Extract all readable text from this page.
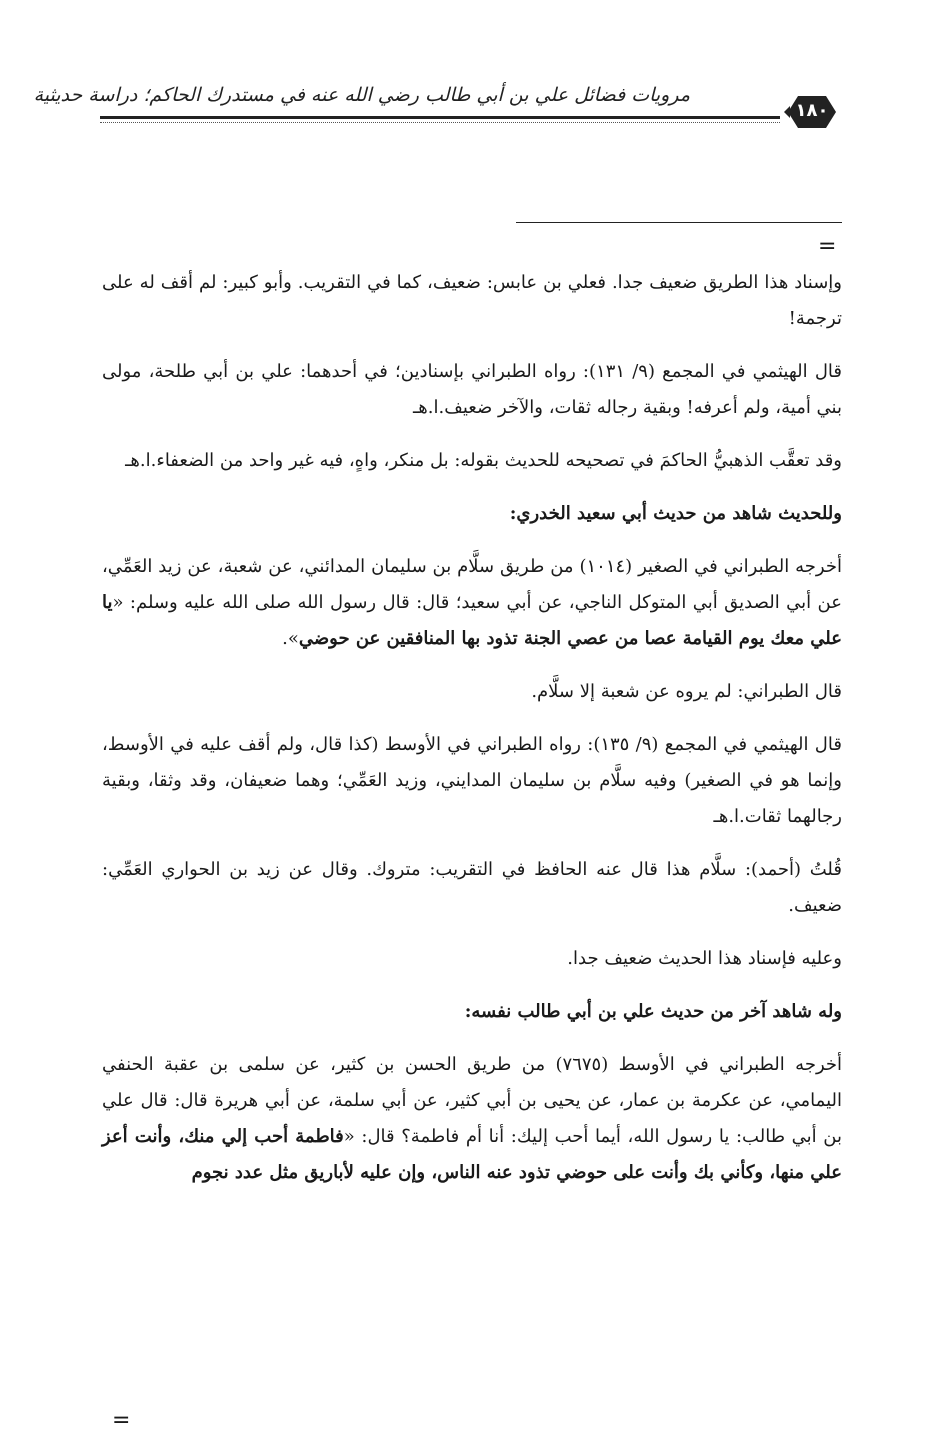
مرويات فضائل علي بن أبي طالب رضي الله عنه في مستدرك الحاكم؛ دراسة حديثية
١٨٠
=

وإسناد هذا الطريق ضعيف جدا. فعلي بن عابس: ضعيف، كما في التقريب. وأبو كبير: لم أقف له على ترجمة!

قال الهيثمي في المجمع (٩/ ١٣١): رواه الطبراني بإسنادين؛ في أحدهما: علي بن أبي طلحة، مولى بني أمية، ولم أعرفه! وبقية رجاله ثقات، والآخر ضعيف.ا.هـ

وقد تعقَّب الذهبيُّ الحاكمَ في تصحيحه للحديث بقوله: بل منكر، واهٍ، فيه غير واحد من الضعفاء.ا.هـ

وللحديث شاهد من حديث أبي سعيد الخدري:

أخرجه الطبراني في الصغير (١٠١٤) من طريق سلَّام بن سليمان المدائني، عن شعبة، عن زيد العَمِّي، عن أبي الصديق أبي المتوكل الناجي، عن أبي سعيد؛ قال: قال رسول الله صلى الله عليه وسلم: «يا علي معك يوم القيامة عصا من عصي الجنة تذود بها المنافقين عن حوضي».

قال الطبراني: لم يروه عن شعبة إلا سلَّام.

قال الهيثمي في المجمع (٩/ ١٣٥): رواه الطبراني في الأوسط (كذا قال، ولم أقف عليه في الأوسط، وإنما هو في الصغير) وفيه سلَّام بن سليمان المدايني، وزيد العَمِّي؛ وهما ضعيفان، وقد وثقا، وبقية رجالهما ثقات.ا.هـ

قُلتُ (أحمد): سلَّام هذا قال عنه الحافظ في التقريب: متروك. وقال عن زيد بن الحواري العَمِّي: ضعيف.

وعليه فإسناد هذا الحديث ضعيف جدا.

وله شاهد آخر من حديث علي بن أبي طالب نفسه:

أخرجه الطبراني في الأوسط (٧٦٧٥) من طريق الحسن بن كثير، عن سلمى بن عقبة الحنفي اليمامي، عن عكرمة بن عمار، عن يحيى بن أبي كثير، عن أبي سلمة، عن أبي هريرة قال: قال علي بن أبي طالب: يا رسول الله، أيما أحب إليك: أنا أم فاطمة؟ قال: «فاطمة أحب إلي منك، وأنت أعز علي منها، وكأني بك وأنت على حوضي تذود عنه الناس، وإن عليه لأباريق مثل عدد نجوم

=
